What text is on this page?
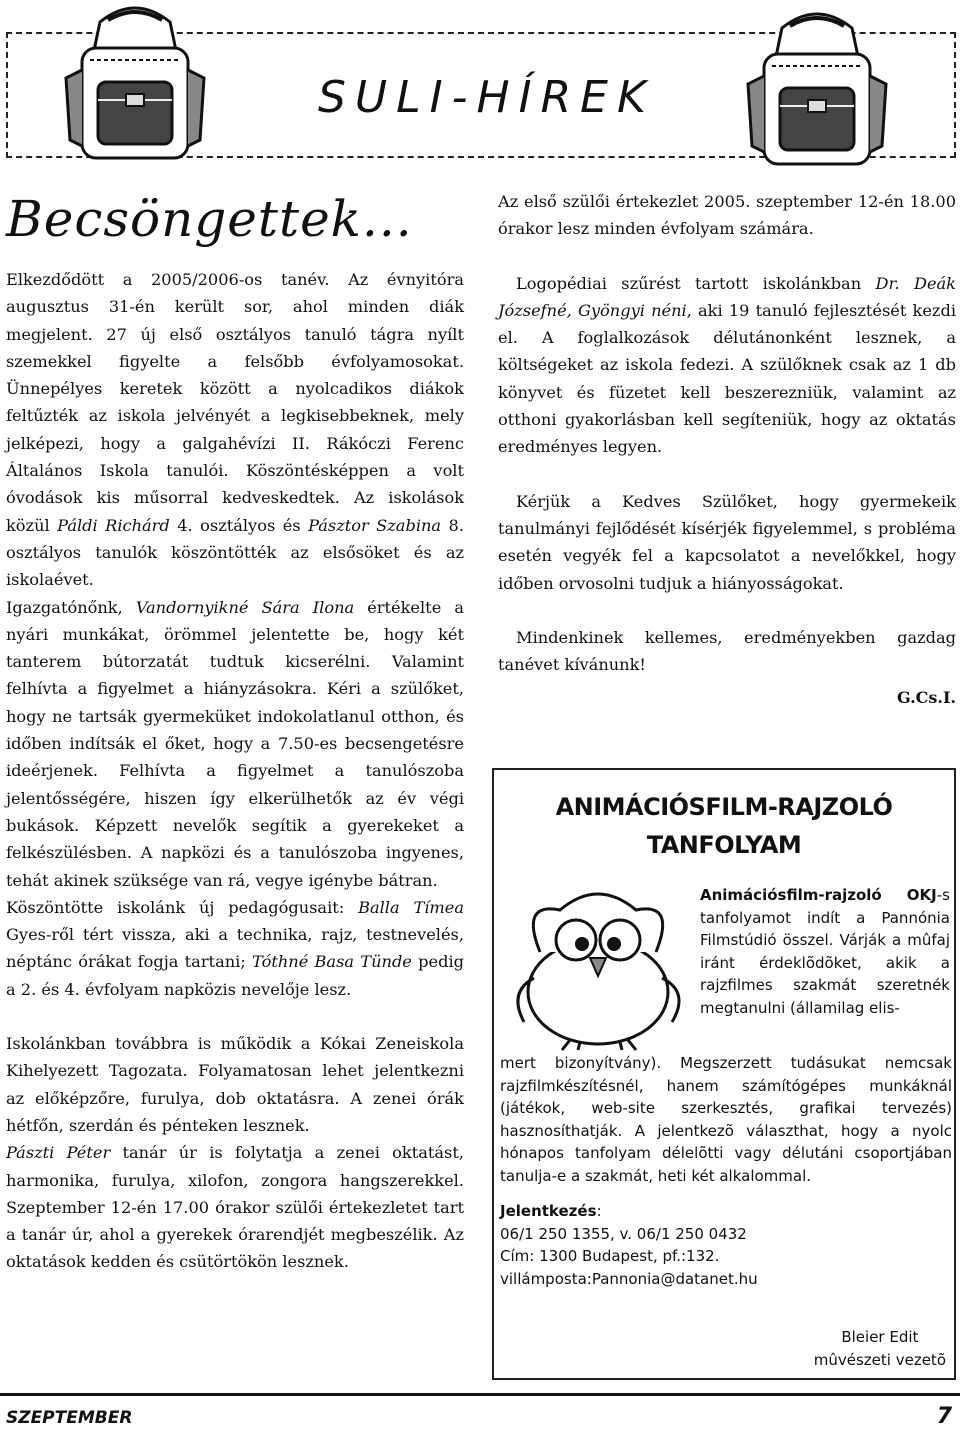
SULI-HÍREK
Becsöngettek...

Elkezdődött a 2005/2006-os tanév. Az évnyitóra augusztus 31-én került sor, ahol minden diák megjelent. 27 új első osztályos tanuló tágra nyílt szemekkel figyelte a felsőbb évfolyamosokat. Ünnepélyes keretek között a nyolcadikos diákok feltűzték az iskola jelvényét a legkisebbeknek, mely jelképezi, hogy a galgahévízi II. Rákóczi Ferenc Általános Iskola tanulói. Köszöntésképpen a volt óvodások kis műsorral kedveskedtek. Az iskolások közül Páldi Richárd 4. osztályos és Pásztor Szabina 8. osztályos tanulók köszöntötték az elsősöket és az iskolaévet.

Igazgatónőnk, Vandornyikné Sára Ilona értékelte a nyári munkákat, örömmel jelentette be, hogy két tanterem bútorzatát tudtuk kicserélni. Valamint felhívta a figyelmet a hiányzásokra. Kéri a szülőket, hogy ne tartsák gyermeküket indokolatlanul otthon, és időben indítsák el őket, hogy a 7.50-es becsengetésre ideérjenek. Felhívta a figyelmet a tanulószoba jelentősségére, hiszen így elkerülhetők az év végi bukások. Képzett nevelők segítik a gyerekeket a felkészülésben. A napközi és a tanulószoba ingyenes, tehát akinek szüksége van rá, vegye igénybe bátran.

Köszöntötte iskolánk új pedagógusait: Balla Tímea Gyes-ről tért vissza, aki a technika, rajz, testnevelés, néptánc órákat fogja tartani; Tóthné Basa Tünde pedig a 2. és 4. évfolyam napközis nevelője lesz.

Iskolánkban továbbra is működik a Kókai Zeneiskola Kihelyezett Tagozata. Folyamatosan lehet jelentkezni az előképzőre, furulya, dob oktatásra. A zenei órák hétfőn, szerdán és pénteken lesznek.

Pászti Péter tanár úr is folytatja a zenei oktatást, harmonika, furulya, xilofon, zongora hangszerekkel. Szeptember 12-én 17.00 órakor szülői értekezletet tart a tanár úr, ahol a gyerekek órarendjét megbeszélik. Az oktatások kedden és csütörtökön lesznek.

Az első szülői értekezlet 2005. szeptember 12-én 18.00 órakor lesz minden évfolyam számára.

Logopédiai szűrést tartott iskolánkban Dr. Deák Józsefné, Gyöngyi néni, aki 19 tanuló fejlesztését kezdi el. A foglalkozások délutánonként lesznek, a költségeket az iskola fedezi. A szülőknek csak az 1 db könyvet és füzetet kell beszerezniük, valamint az otthoni gyakorlásban kell segíteniük, hogy az oktatás eredményes legyen.

Kérjük a Kedves Szülőket, hogy gyermekeik tanulmányi fejlődését kísérjék figyelemmel, s probléma esetén vegyék fel a kapcsolatot a nevelőkkel, hogy időben orvosolni tudjuk a hiányosságokat.

Mindenkinek kellemes, eredményekben gazdag tanévet kívánunk!

G.Cs.I.
ANIMÁCIÓSFILM-RAJZOLÓ
TANFOLYAM
Animációsfilm-rajzoló OKJ-s tanfolyamot indít a Pannónia Filmstúdió összel. Várják a mûfaj iránt érdeklõdõket, akik a rajzfilmes szakmát szeretnék megtanulni (államilag elis-
mert bizonyítvány). Megszerzett tudásukat nemcsak rajzfilmkészítésnél, hanem számítógépes munkáknál (játékok, web-site szerkesztés, grafikai tervezés) hasznosíthatják. A jelentkezõ választhat, hogy a nyolc hónapos tanfolyam délelõtti vagy délutáni csoportjában tanulja-e a szakmát, heti két alkalommal.
Jelentkezés:
06/1 250 1355, v. 06/1 250 0432
Cím: 1300 Budapest, pf.:132.
villámposta:Pannonia@datanet.hu
Bleier Edit
mûvészeti vezetõ
SZEPTEMBER	7
